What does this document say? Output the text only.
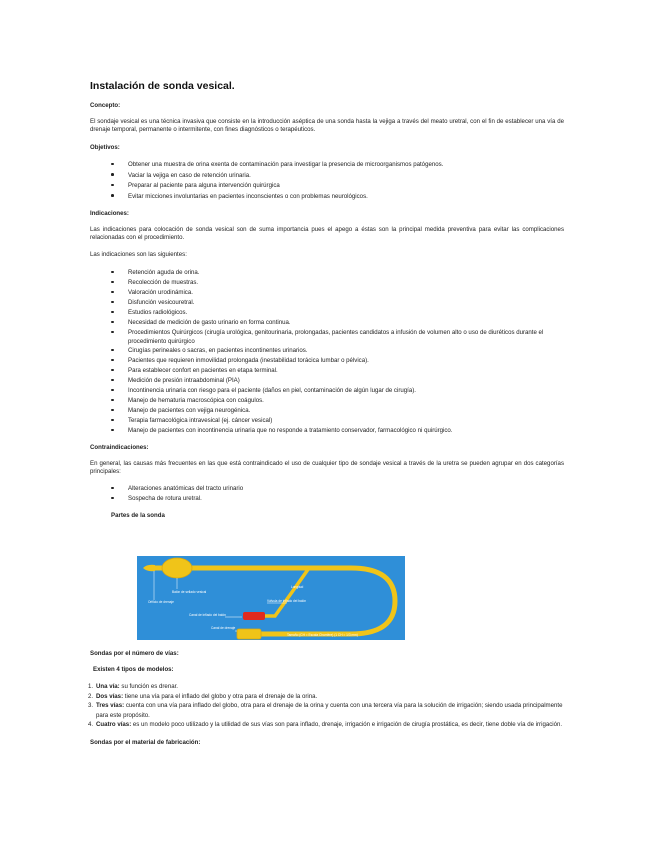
Instalación de sonda vesical.
Concepto:

El sondaje vesical es una técnica invasiva que consiste en la introducción aséptica de una sonda hasta la vejiga a través del meato uretral, con el fin de establecer una vía de drenaje temporal, permanente o intermitente, con fines diagnósticos o terapéuticos.

Objetivos:
Obtener una muestra de orina exenta de contaminación para investigar la presencia de microorganismos patógenos.
Vaciar la vejiga en caso de retención urinaria.
Preparar al paciente para alguna intervención quirúrgica
Evitar micciones involuntarias en pacientes inconscientes o con problemas neurológicos.
Indicaciones:

Las indicaciones para colocación de sonda vesical son de suma importancia pues el apego a éstas son la principal medida preventiva para evitar las complicaciones relacionadas con el procedimiento.

Las indicaciones son las siguientes:

Retención aguda de orina.
Recolección de muestras.
Valoración urodinámica.
Disfunción vesicouretral.
Estudios radiológicos.
Necesidad de medición de gasto urinario en forma continua.
Procedimientos Quirúrgicos (cirugía urológica, genitourinaria, prolongadas, pacientes candidatos a infusión de volumen alto o uso de diuréticos durante el procedimiento quirúrgico
Cirugías perineales o sacras, en pacientes incontinentes urinarios.
Pacientes que requieren inmovilidad prolongada (inestabilidad torácica lumbar o pélvica).
Para establecer confort en pacientes en etapa terminal.
Medición de presión intraabdominal (PIA)
Incontinencia urinaria con riesgo para el paciente (daños en piel, contaminación de algún lugar de cirugía).
Manejo de hematuria macroscópica con coágulos.
Manejo de pacientes con vejiga neurogénica.
Terapia farmacológica intravesical (ej. cáncer vesical)
Manejo de pacientes con incontinencia urinaria que no responde a tratamiento conservador, farmacológico ni quirúrgico.
Contraindicaciones:

En general, las causas más frecuentes en las que está contraindicado el uso de cualquier tipo de sondaje vesical a través de la uretra se pueden agrupar en dos categorías principales:

Alteraciones anatómicas del tracto urinario
Sospecha de rotura uretral.
Partes de la sonda
Balón de sellado vesical
Orificio de drenaje
Longitud
Válvula de inflado del balón
Canal de inflado del balón
Canal de drenaje
Tamaño (CH = Escala Charrière) (1 CH = 1/3 mm)
Sondas por el número de vías:
Existen 4 tipos de modelos:
1. Una vía: su función es drenar.
2. Dos vías: tiene una vía para el inflado del globo y otra para el drenaje de la orina.
3. Tres vías: cuenta con una vía para inflado del globo, otra para el drenaje de la orina y cuenta con una tercera vía para la solución de irrigación; siendo usada principalmente para este propósito.
4. Cuatro vías: es un modelo poco utilizado y la utilidad de sus vías son para inflado, drenaje, irrigación e irrigación de cirugía prostática, es decir, tiene doble vía de irrigación.
Sondas por el material de fabricación:
